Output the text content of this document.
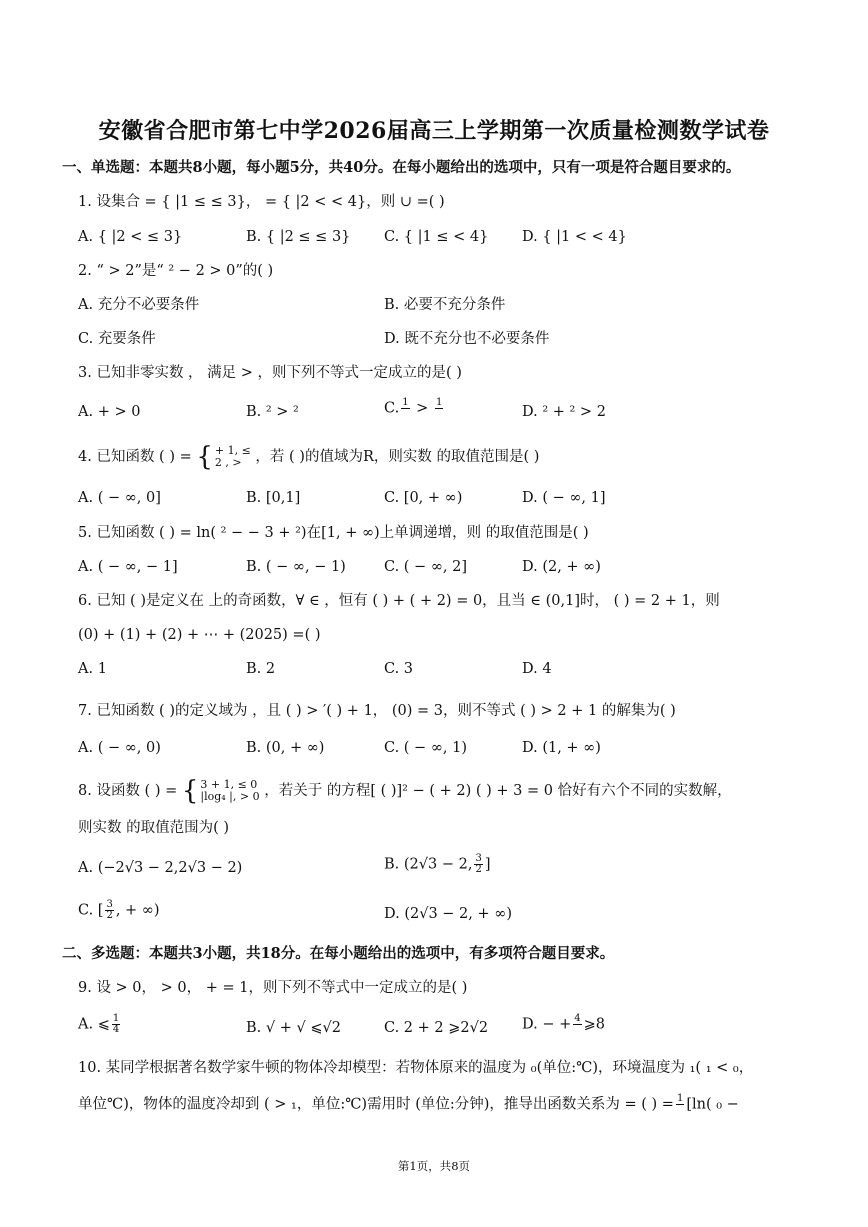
安徽省合肥市第七中学2026届高三上学期第一次质量检测数学试卷
一、单选题：本题共8小题，每小题5分，共40分。在每小题给出的选项中，只有一项是符合题目要求的。
1. 设集合 = { |1 ≤ ≤ 3}， = { |2 < < 4}，则 ∪ =( )
A. { |2 < ≤ 3}	B. { |2 ≤ ≤ 3} C. { |1 ≤ < 4} D. { |1 < < 4}
2. “ > 2”是“ ² − 2 > 0”的( )
A. 充分不必要条件	B. 必要不充分条件
C. 充要条件	D. 既不充分也不必要条件
3. 已知非零实数 ， 满足 > ，则下列不等式一定成立的是( )
A. + > 0	B. ² > ²	C. 1 > 1
D. ² + ² > 2
4. 已知函数 ( ) = { + 1, ≤
2 , > ，若 ( )的值域为R，则实数 的取值范围是( )
A. ( − ∞, 0]	B. [0,1]	C. [0, + ∞)	D. ( − ∞, 1]
5. 已知函数 ( ) = ln( ² − − 3 + ²)在[1, + ∞)上单调递增，则 的取值范围是( )
A. ( − ∞, − 1]	B. ( − ∞, − 1)	C. ( − ∞, 2]	D. (2, + ∞)
6. 已知 ( )是定义在 上的奇函数，∀ ∈ ，恒有 ( ) + ( + 2) = 0，且当 ∈ (0,1]时， ( ) = 2 + 1，则
(0) + (1) + (2) + ⋯ + (2025) =( )
A. 1	B. 2	C. 3	D. 4
7. 已知函数 ( )的定义域为 ，且 ( ) > ′( ) + 1， (0) = 3，则不等式 ( ) > 2 + 1 的解集为( )
A. ( − ∞, 0)	B. (0, + ∞)	C. ( − ∞, 1)	D. (1, + ∞)
8. 设函数 ( ) = { 3 + 1, ≤ 0
|log₄ |, > 0 ，若关于 的方程[ ( )]² − ( + 2) ( ) + 3 = 0 恰好有六个不同的实数解，
则实数 的取值范围为( )
A. (−2√3 − 2,2√3 − 2)	B. (2√3 − 2, $\frac{3}{2}$ ]
C. [ $\frac{3}{2}$ , + ∞)	D. (2√3 − 2, + ∞)
二、多选题：本题共3小题，共18分。在每小题给出的选项中，有多项符合题目要求。
9. 设 > 0， > 0， + = 1，则下列不等式中一定成立的是( )
A. ⩽ $\frac{1}{4}$	B. √ + √ ⩽√2	C. 2 + 2 ⩾2√2 D. − + 4 ⩾8
10. 某同学根据著名数学家牛顿的物体冷却模型：若物体原来的温度为 ₀(单位:℃)，环境温度为 ₁( ₁ < ₀，
单位℃)，物体的温度冷却到 ( > ₁，单位:℃)需用时 (单位:分钟)，推导出函数关系为 = ( ) = 1 [ln( ₀ −
第1页，共8页
